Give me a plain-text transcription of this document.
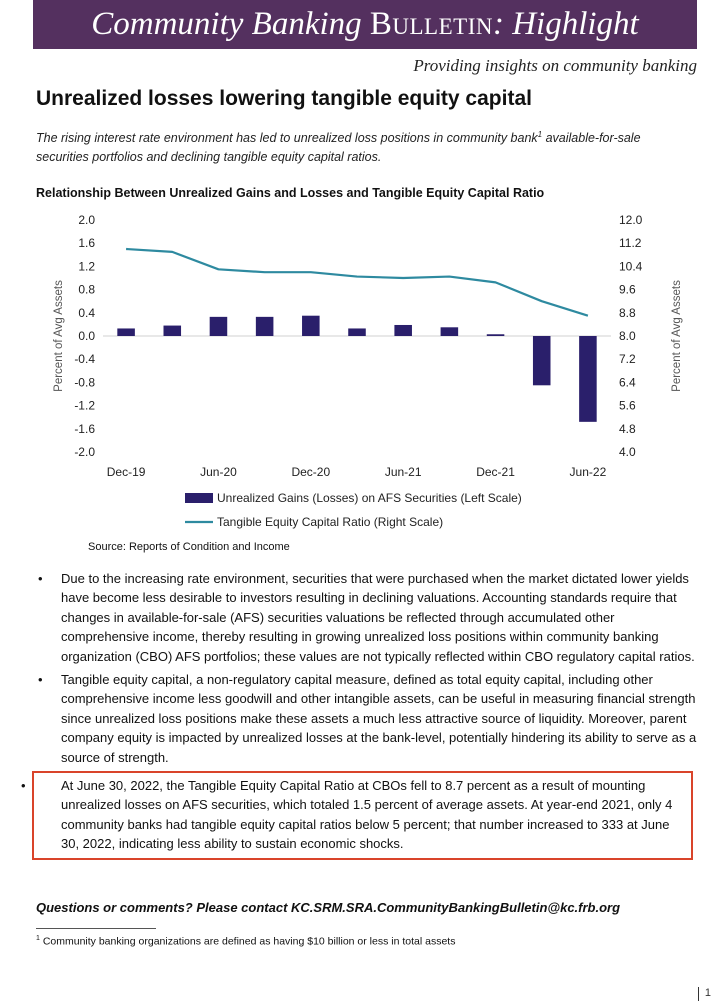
Community Banking Bulletin: Highlight
Providing insights on community banking
Unrealized losses lowering tangible equity capital
The rising interest rate environment has led to unrealized loss positions in community bank$^1$ available-for-sale securities portfolios and declining tangible equity capital ratios.
Relationship Between Unrealized Gains and Losses and Tangible Equity Capital Ratio
2.0
1.6
1.2
0.8
0.4
0.0
-0.4
-0.8
-1.2
-1.6
-2.0
12.0
11.2
10.4
9.6
8.8
8.0
7.2
6.4
5.6
4.8
4.0
Percent of Avg Assets	Percent of Avg Assets
Dec-19	Jun-20	Dec-20	Jun-21	Dec-21	Jun-22
Unrealized Gains (Losses) on AFS Securities (Left Scale)
Tangible Equity Capital Ratio (Right Scale)
Source: Reports of Condition and Income
• Due to the increasing rate environment, securities that were purchased when the market dictated lower yields have become less desirable to investors resulting in declining valuations. Accounting standards require that changes in available-for-sale (AFS) securities valuations be reflected through accumulated other comprehensive income, thereby resulting in growing unrealized loss positions within community banking organization (CBO) AFS portfolios; these values are not typically reflected within CBO regulatory capital ratios.
• Tangible equity capital, a non-regulatory capital measure, defined as total equity capital, including other comprehensive income less goodwill and other intangible assets, can be useful in measuring financial strength since unrealized loss positions make these assets a much less attractive source of liquidity. Moreover, parent company equity is impacted by unrealized losses at the bank-level, potentially hindering its ability to serve as a source of strength.
•	At June 30, 2022, the Tangible Equity Capital Ratio at CBOs fell to 8.7 percent as a result of mounting unrealized losses on AFS securities, which totaled 1.5 percent of average assets. At year-end 2021, only 4 community banks had tangible equity capital ratios below 5 percent; that number increased to 333 at June 30, 2022, indicating less ability to sustain economic shocks.
Questions or comments? Please contact KC.SRM.SRA.CommunityBankingBulletin@kc.frb.org
$^1$ Community banking organizations are defined as having $10 billion or less in total assets
1
